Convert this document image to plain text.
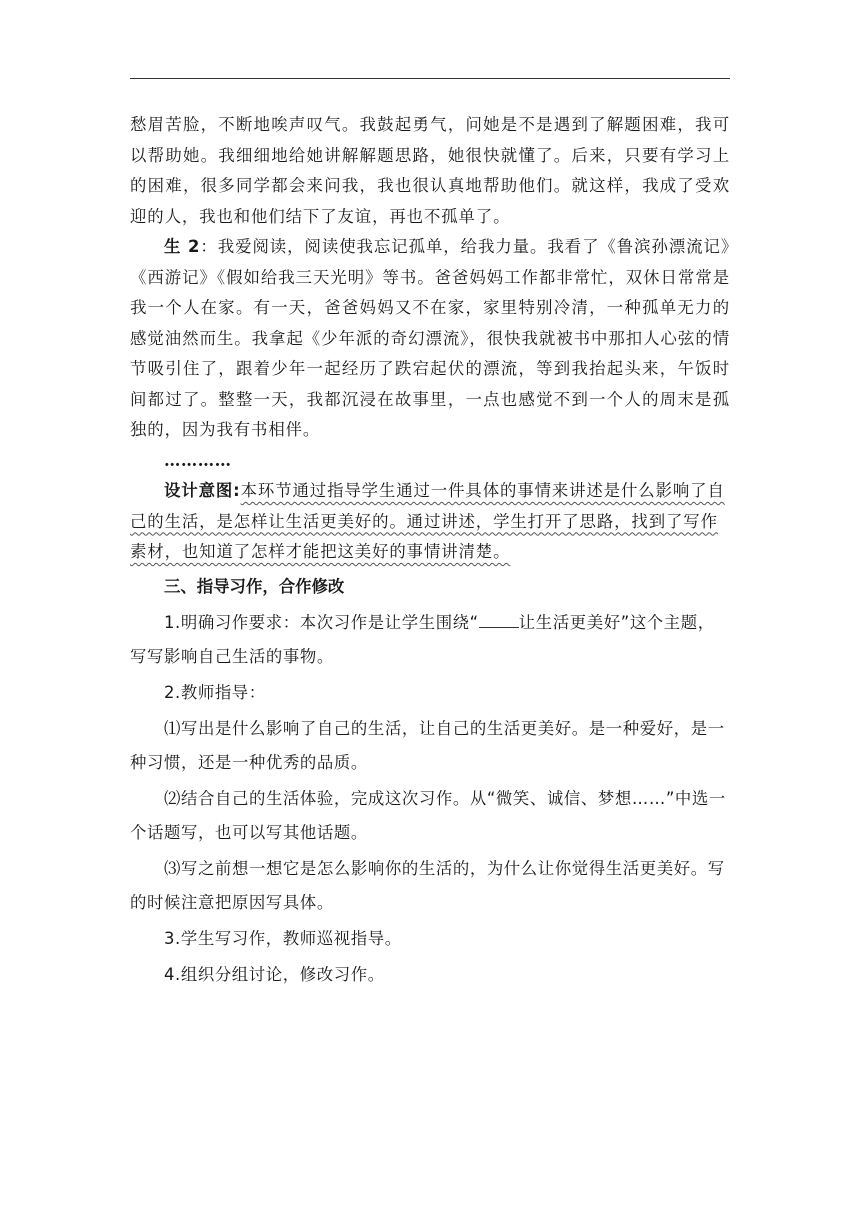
愁眉苦脸，不断地唉声叹气。我鼓起勇气，问她是不是遇到了解题困难，我可以帮助她。我细细地给她讲解解题思路，她很快就懂了。后来，只要有学习上的困难，很多同学都会来问我，我也很认真地帮助他们。就这样，我成了受欢迎的人，我也和他们结下了友谊，再也不孤单了。

生 2：我爱阅读，阅读使我忘记孤单，给我力量。我看了《鲁滨孙漂流记》《西游记》《假如给我三天光明》等书。爸爸妈妈工作都非常忙，双休日常常是我一个人在家。有一天，爸爸妈妈又不在家，家里特别冷清，一种孤单无力的感觉油然而生。我拿起《少年派的奇幻漂流》，很快我就被书中那扣人心弦的情节吸引住了，跟着少年一起经历了跌宕起伏的漂流，等到我抬起头来，午饭时间都过了。整整一天，我都沉浸在故事里，一点也感觉不到一个人的周末是孤独的，因为我有书相伴。

…………

设计意图:本环节通过指导学生通过一件具体的事情来讲述是什么影响了自己的生活，是怎样让生活更美好的。通过讲述，学生打开了思路，找到了写作素材，也知道了怎样才能把这美好的事情讲清楚。

三、指导习作，合作修改

1.明确习作要求：本次习作是让学生围绕“ 让生活更美好”这个主题，写写影响自己生活的事物。

2.教师指导：

⑴写出是什么影响了自己的生活，让自己的生活更美好。是一种爱好，是一种习惯，还是一种优秀的品质。

⑵结合自己的生活体验，完成这次习作。从“微笑、诚信、梦想……”中选一个话题写，也可以写其他话题。

⑶写之前想一想它是怎么影响你的生活的，为什么让你觉得生活更美好。写的时候注意把原因写具体。

3.学生写习作，教师巡视指导。

4.组织分组讨论，修改习作。
